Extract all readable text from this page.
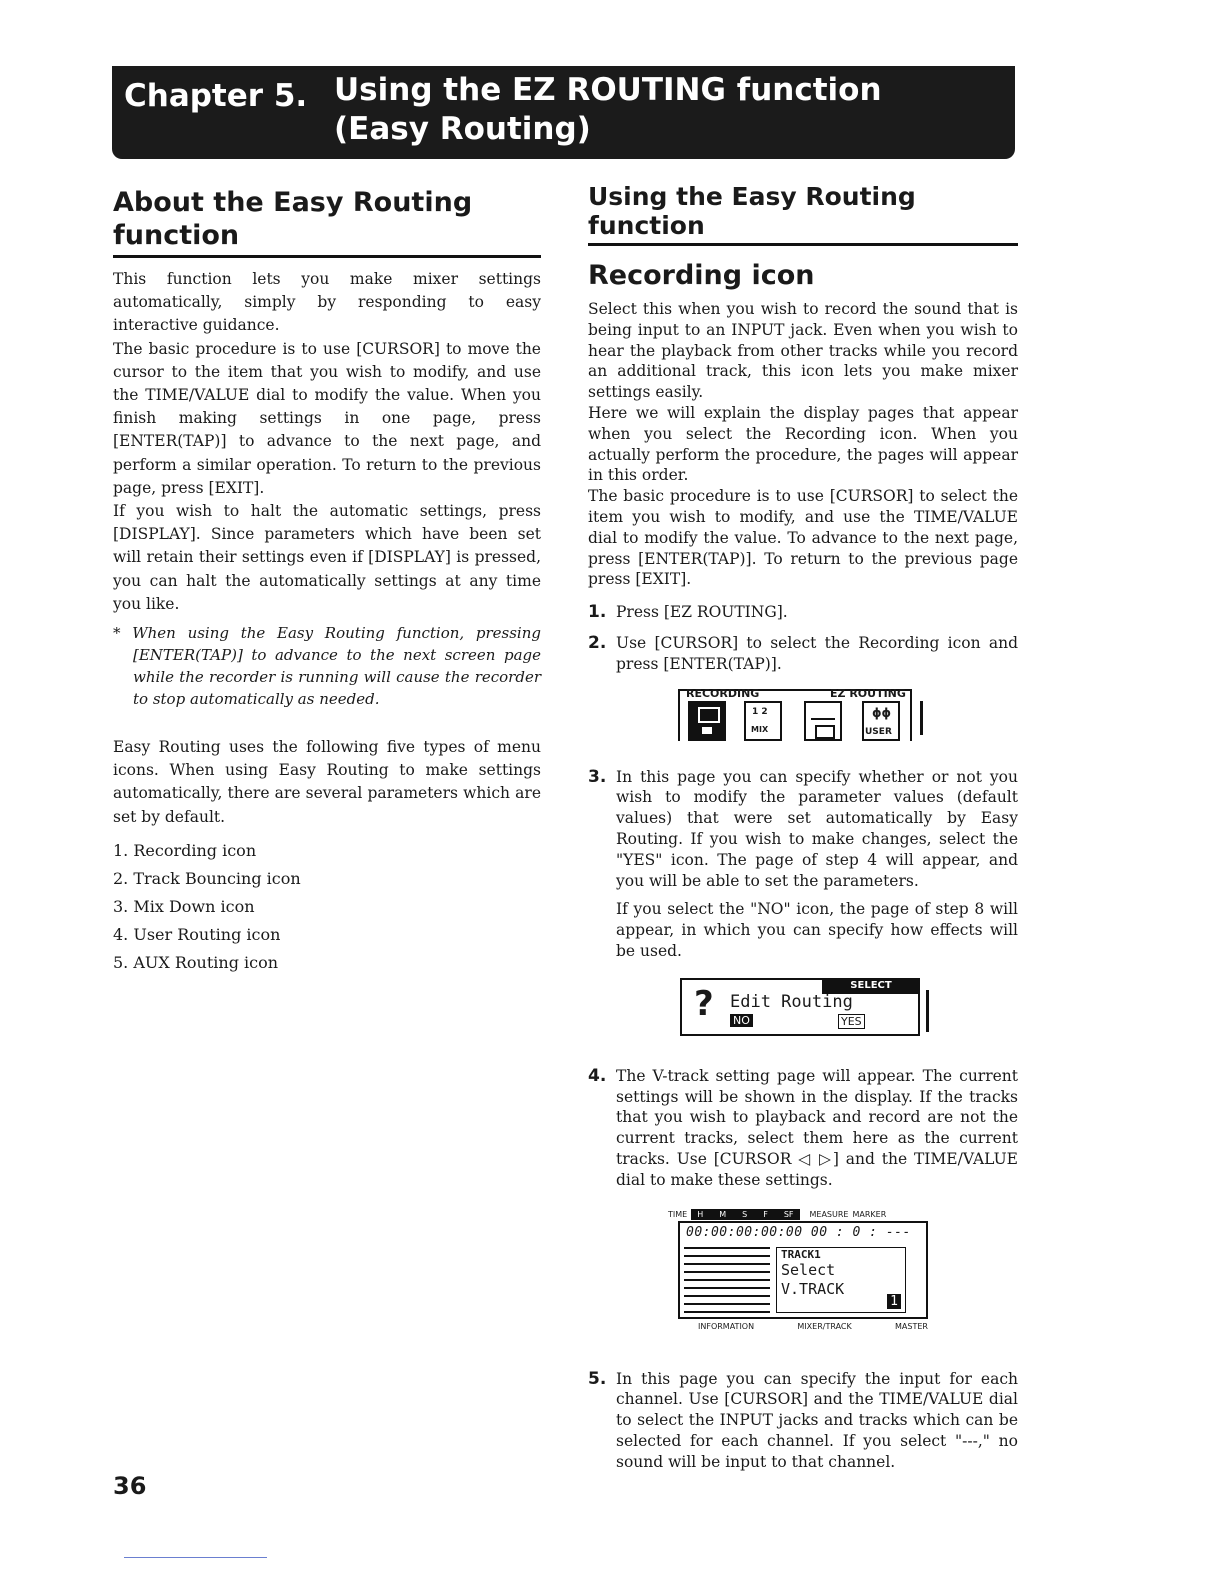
Chapter 5. Using the EZ ROUTING function
(Easy Routing)
About the Easy Routing
function

This function lets you make mixer settings automatically, simply by responding to easy interactive guidance.

The basic procedure is to use [CURSOR] to move the cursor to the item that you wish to modify, and use the TIME/VALUE dial to modify the value. When you finish making settings in one page, press [ENTER(TAP)] to advance to the next page, and perform a similar operation. To return to the previous page, press [EXIT].

If you wish to halt the automatic settings, press [DISPLAY]. Since parameters which have been set will retain their settings even if [DISPLAY] is pressed, you can halt the automatically settings at any time you like.

* When using the Easy Routing function, pressing [ENTER(TAP)] to advance to the next screen page while the recorder is running will cause the recorder to stop automatically as needed.

Easy Routing uses the following five types of menu icons. When using Easy Routing to make settings automatically, there are several parameters which are set by default.

1. Recording icon
2. Track Bouncing icon
3. Mix Down icon
4. User Routing icon
5. AUX Routing icon
Using the Easy Routing function
Recording icon

Select this when you wish to record the sound that is being input to an INPUT jack. Even when you wish to hear the playback from other tracks while you record an additional track, this icon lets you make mixer settings easily.

Here we will explain the display pages that appear when you select the Recording icon. When you actually perform the procedure, the pages will appear in this order.

The basic procedure is to use [CURSOR] to select the item you wish to modify, and use the TIME/VALUE dial to modify the value. To advance to the next page, press [ENTER(TAP)]. To return to the previous page press [EXIT].

1. Press [EZ ROUTING].
2. Use [CURSOR] to select the Recording icon and press [ENTER(TAP)].
RECORDING	EZ ROUTING
1 2
MIX
ϕϕ
USER
3. In this page you can specify whether or not you wish to modify the parameter values (default values) that were set automatically by Easy Routing. If you wish to make changes, select the "YES" icon. The page of step 4 will appear, and you will be able to set the parameters.
If you select the "NO" icon, the page of step 8 will appear, in which you can specify how effects will be used.
SELECT
? Edit Routing
NO	YES
4. The V-track setting page will appear. The current settings will be shown in the display. If the tracks that you wish to playback and record are not the current tracks, select them here as the current tracks. Use [CURSOR ◁ ▷] and the TIME/VALUE dial to make these settings.
TIME H M S F SF MEASURE MARKER
00:00:00:00:00 00 : 0 : ---
TRACK1
Select
V.TRACK
1
INFORMATION	MIXER/TRACK	MASTER
5. In this page you can specify the input for each channel. Use [CURSOR] and the TIME/VALUE dial to select the INPUT jacks and tracks which can be selected for each channel. If you select "---," no sound will be input to that channel.
36
